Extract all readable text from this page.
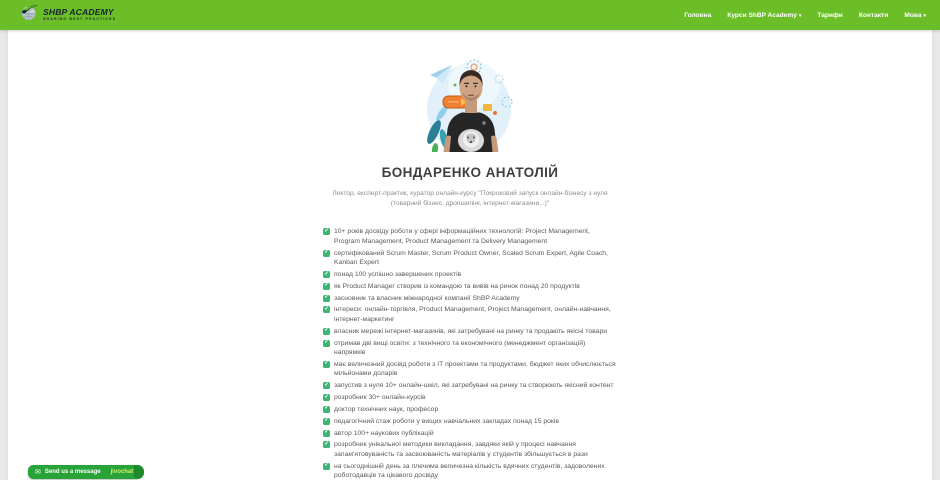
SHBP ACADEMY
SHARING BEST PRACTICES
Головна Курси ShBP Academy ▾ Тарифи Контакти Мова ▾
БОНДАРЕНКО АНАТОЛІЙ

Лектор, експерт-практик, куратор онлайн-курсу "Покроковий запуск онлайн-бізнесу з нуля (товарний бізнес, дропшипінг, інтернет-магазини...)"

✓ 10+ років досвіду роботи у сфері інформаційних технологій: Project Management, Program Management, Product Management та Delivery Management
✓ сертифікований Scrum Master, Scrum Product Owner, Scaled Scrum Expert, Agile Coach, Kanban Expert
✓ понад 100 успішно завершених проектів
✓ як Product Manager створив із командою та вивів на ринок понад 20 продуктів
✓ засновник та власник міжнародної компанії ShBP Academy
✓ інтереси: онлайн-торгівля, Product Management, Project Management, онлайн-навчання, інтернет-маркетинг
✓ власник мережі інтернет-магазинів, які затребувані на ринку та продають якісні товари
✓ отримав дві вищі освіти: з технічного та економічного (менеджмент організацій) напрямків
✓ має величезний досвід роботи з ІТ проектами та продуктами, бюджет яких обчислюється мільйонами доларів
✓ запустив з нуля 10+ онлайн-шкіл, які затребувані на ринку та створюють якісний контент
✓ розробник 30+ онлайн-курсів
✓ доктор технічних наук, професор
✓ педагогічний стаж роботи у вищих навчальних закладах понад 15 років
✓ автор 100+ наукових публікацій
✓ розробник унікальної методики викладання, завдяки якій у процесі навчання запам'ятовуваність та засвоюваність матеріалів у студентів збільшується в рази
✓ на сьогоднішній день за плечима величезна кількість вдячних студентів, задоволених роботодавців та цікавого досвіду
✉ Send us a message jivochat
